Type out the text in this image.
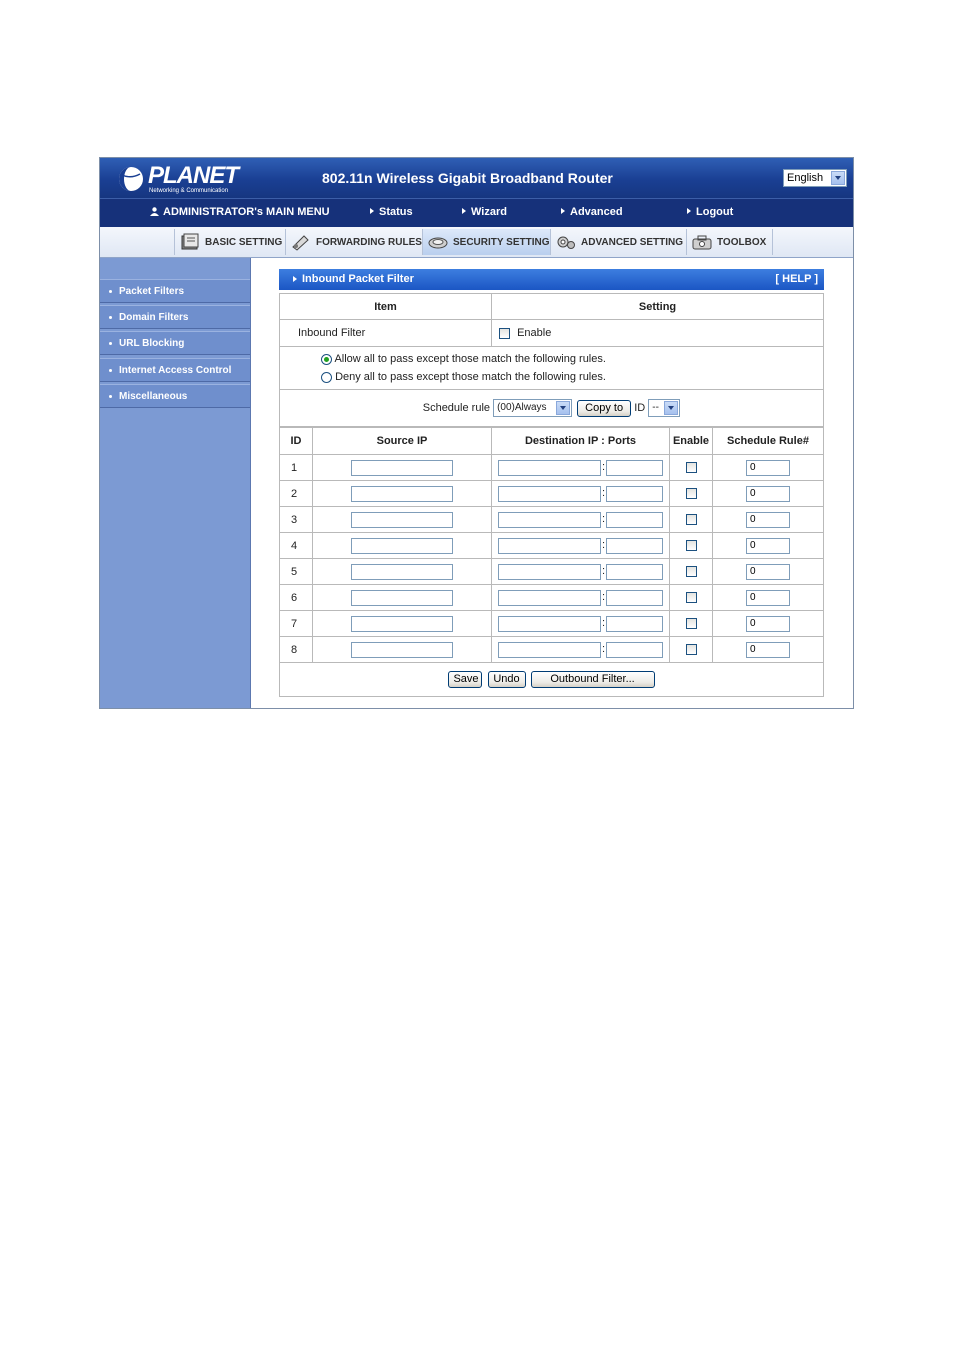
PLANET
Networking & Communication
802.11n Wireless Gigabit Broadband Router	English
ADMINISTRATOR's MAIN MENU	Status	Wizard	Advanced	Logout
BASIC SETTING	FORWARDING RULES	SECURITY SETTING	ADVANCED SETTING	TOOLBOX
Packet Filters
Domain Filters
URL Blocking
Internet Access Control
Miscellaneous
Inbound Packet Filter	[ HELP ]
Item	Setting
Inbound Filter	Enable

Allow all to pass except those match the following rules.
Deny all to pass except those match the following rules.	

Schedule rule (00)Always Copy to ID --	
ID	Source IP	Destination IP : Ports	Enable	Schedule Rule#
1		:		0
2		:		0
3		:		0
4		:		0
5		:		0
6		:		0
7		:		0
8		:		0
Save Undo Outbound Filter...				
